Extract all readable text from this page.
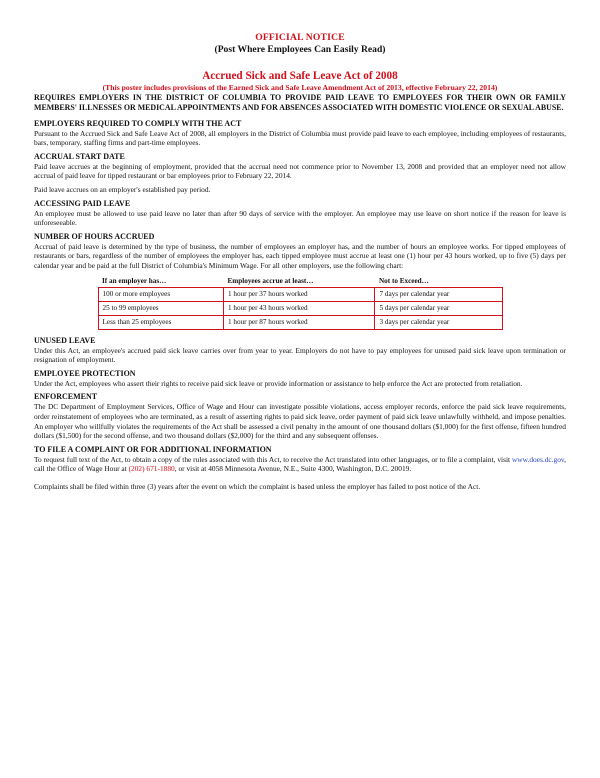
OFFICIAL NOTICE

(Post Where Employees Can Easily Read)

Accrued Sick and Safe Leave Act of 2008

(This poster includes provisions of the Earned Sick and Safe Leave Amendment Act of 2013, effective February 22, 2014)

REQUIRES EMPLOYERS IN THE DISTRICT OF COLUMBIA TO PROVIDE PAID LEAVE TO EMPLOYEES FOR THEIR OWN OR FAMILY MEMBERS' ILLNESSES OR MEDICAL APPOINTMENTS AND FOR ABSENCES ASSOCIATED WITH DOMESTIC VIOLENCE OR SEXUAL ABUSE.

EMPLOYERS REQUIRED TO COMPLY WITH THE ACT

Pursuant to the Accrued Sick and Safe Leave Act of 2008, all employers in the District of Columbia must provide paid leave to each employee, including employees of restaurants, bars, temporary, staffing firms and part-time employees.

ACCRUAL START DATE

Paid leave accrues at the beginning of employment, provided that the accrual need not commence prior to November 13, 2008 and provided that an employer need not allow accrual of paid leave for tipped restaurant or bar employees prior to February 22, 2014.

Paid leave accrues on an employer's established pay period.

ACCESSING PAID LEAVE

An employee must be allowed to use paid leave no later than after 90 days of service with the employer. An employee may use leave on short notice if the reason for leave is unforeseeable.

NUMBER OF HOURS ACCRUED

Accrual of paid leave is determined by the type of business, the number of employees an employer has, and the number of hours an employee works. For tipped employees of restaurants or bars, regardless of the number of employees the employer has, each tipped employee must accrue at least one (1) hour per 43 hours worked, up to five (5) days per calendar year and be paid at the full District of Columbia's Minimum Wage. For all other employers, use the following chart:

If an employer has…	Employees accrue at least…	Not to Exceed…
100 or more employees	1 hour per 37 hours worked	7 days per calendar year
25 to 99 employees	1 hour per 43 hours worked	5 days per calendar year
Less than 25 employees	1 hour per 87 hours worked	3 days per calendar year
UNUSED LEAVE

Under this Act, an employee's accrued paid sick leave carries over from year to year. Employers do not have to pay employees for unused paid sick leave upon termination or resignation of employment.

EMPLOYEE PROTECTION

Under the Act, employees who assert their rights to receive paid sick leave or provide information or assistance to help enforce the Act are protected from retaliation.

ENFORCEMENT

The DC Department of Employment Services, Office of Wage and Hour can investigate possible violations, access employer records, enforce the paid sick leave requirements, order reinstatement of employees who are terminated, as a result of asserting rights to paid sick leave, order payment of paid sick leave unlawfully withheld, and impose penalties. An employer who willfully violates the requirements of the Act shall be assessed a civil penalty in the amount of one thousand dollars ($1,000) for the first offense, fifteen hundred dollars ($1,500) for the second offense, and two thousand dollars ($2,000) for the third and any subsequent offenses.

TO FILE A COMPLAINT OR FOR ADDITIONAL INFORMATION

To request full text of the Act, to obtain a copy of the rules associated with this Act, to receive the Act translated into other languages, or to file a complaint, visit www.does.dc.gov, call the Office of Wage Hour at (202) 671-1880, or visit at 4058 Minnesota Avenue, N.E., Suite 4300, Washington, D.C. 20019.

Complaints shall be filed within three (3) years after the event on which the complaint is based unless the employer has failed to post notice of the Act.
